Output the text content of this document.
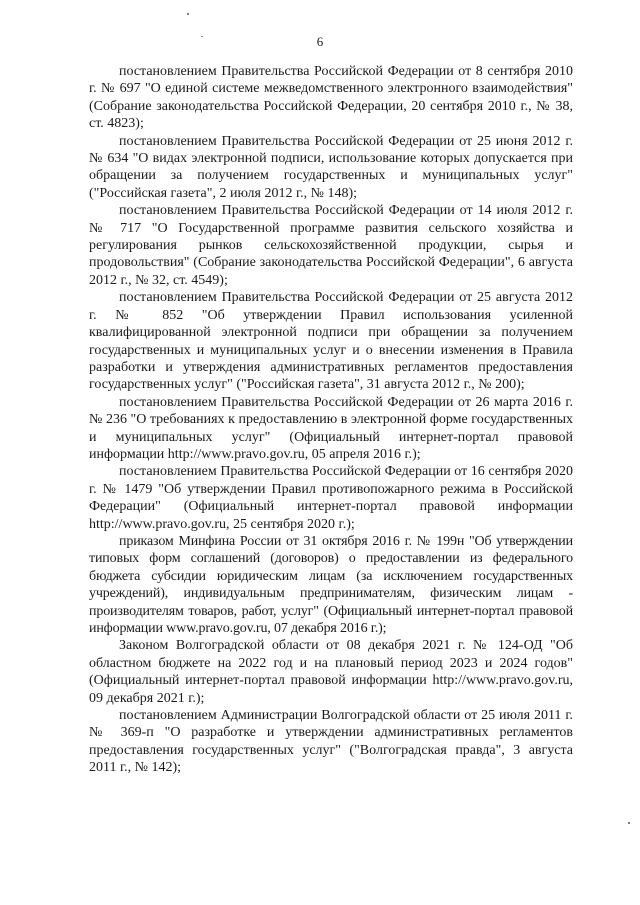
6

постановлением Правительства Российской Федерации от 8 сентября 2010 г. № 697 "О единой системе межведомственного электронного взаимодействия" (Собрание законодательства Российской Федерации, 20 сентября 2010 г., № 38, ст. 4823);

постановлением Правительства Российской Федерации от 25 июня 2012 г. № 634 "О видах электронной подписи, использование которых допускается при обращении за получением государственных и муниципальных услуг" ("Российская газета", 2 июля 2012 г., № 148);

постановлением Правительства Российской Федерации от 14 июля 2012 г. № 717 "О Государственной программе развития сельского хозяйства и регулирования рынков сельскохозяйственной продукции, сырья и продовольствия" (Собрание законодательства Российской Федерации", 6 августа 2012 г., № 32, ст. 4549);

постановлением Правительства Российской Федерации от 25 августа 2012 г. № 852 "Об утверждении Правил использования усиленной квалифицированной электронной подписи при обращении за получением государственных и муниципальных услуг и о внесении изменения в Правила разработки и утверждения административных регламентов предоставления государственных услуг" ("Российская газета", 31 августа 2012 г., № 200);

постановлением Правительства Российской Федерации от 26 марта 2016 г. № 236 "О требованиях к предоставлению в электронной форме государственных и муниципальных услуг" (Официальный интернет-портал правовой информации http://www.pravo.gov.ru, 05 апреля 2016 г.);

постановлением Правительства Российской Федерации от 16 сентября 2020 г. № 1479 "Об утверждении Правил противопожарного режима в Российской Федерации" (Официальный интернет-портал правовой информации http://www.pravo.gov.ru, 25 сентября 2020 г.);

приказом Минфина России от 31 октября 2016 г. № 199н "Об утверждении типовых форм соглашений (договоров) о предоставлении из федерального бюджета субсидии юридическим лицам (за исключением государственных учреждений), индивидуальным предпринимателям, физическим лицам - производителям товаров, работ, услуг" (Официальный интернет-портал правовой информации www.pravo.gov.ru, 07 декабря 2016 г.);

Законом Волгоградской области от 08 декабря 2021 г. № 124-ОД "Об областном бюджете на 2022 год и на плановый период 2023 и 2024 годов" (Официальный интернет-портал правовой информации http://www.pravo.gov.ru, 09 декабря 2021 г.);

постановлением Администрации Волгоградской области от 25 июля 2011 г. № 369-п "О разработке и утверждении административных регламентов предоставления государственных услуг" ("Волгоградская правда", 3 августа 2011 г., № 142);
